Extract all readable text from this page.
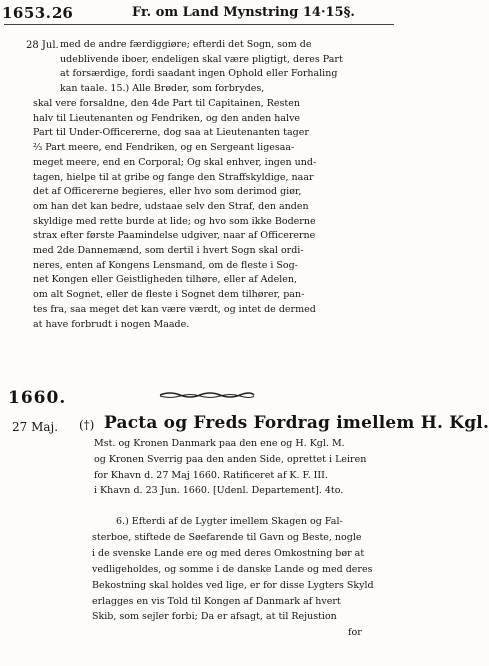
1653. 26	Fr. om Land Mynstring 14·15§.
28 Jul. med de andre færdiggiøre; efterdi det Sogn, som de
udeblivende iboer, endeligen skal være pligtigt, deres Part
at forsærdige, fordi saadant ingen Ophold eller Forhaling
kan taale. 15.) Alle Brøder, som forbrydes,
skal vere forsaldne, den 4de Part til Capitainen, Resten
halv til Lieutenanten og Fendriken, og den anden halve
Part til Under-Officererne, dog saa at Lieutenanten tager
⅔ Part meere, end Fendriken, og en Sergeant ligesaa-
meget meere, end en Corporal; Og skal enhver, ingen und-
tagen, hielpe til at gribe og fange den Straffskyldige, naar
det af Officererne begieres, eller hvo som derimod giør,
om han det kan bedre, udstaae selv den Straf, den anden
skyldige med rette burde at lide; og hvo som ikke Boderne
strax efter første Paamindelse udgiver, naar af Officererne
med 2de Dannemænd, som dertil i hvert Sogn skal ordi-
neres, enten af Kongens Lensmand, om de fleste i Sog-
net Kongen eller Geistligheden tilhøre, eller af Adelen,
om alt Sognet, eller de fleste i Sognet dem tilhører, pan-
tes fra, saa meget det kan være værdt, og intet de dermed
at have forbrudt i nogen Maade.
1660.
27 Maj. (†) Pacta og Freds Fordrag imellem H. Kgl.
Mst. og Kronen Danmark paa den ene og H. Kgl. M.
og Kronen Sverrig paa den anden Side, oprettet i Leiren
for Khavn d. 27 Maj 1660. Ratificeret af K. F. III.
i Khavn d. 23 Jun. 1660. [Udenl. Departement]. 4to.
6.) Efterdi af de Lygter imellem Skagen og Fal-
sterboe, stiftede de Søefarende til Gavn og Beste, nogle
i de svenske Lande ere og med deres Omkostning bør at
vedligeholdes, og somme i de danske Lande og med deres
Bekostning skal holdes ved lige, er for disse Lygters Skyld
erlagges en vis Told til Kongen af Danmark af hvert
Skib, som sejler forbi; Da er afsagt, at til Rejustion
for
